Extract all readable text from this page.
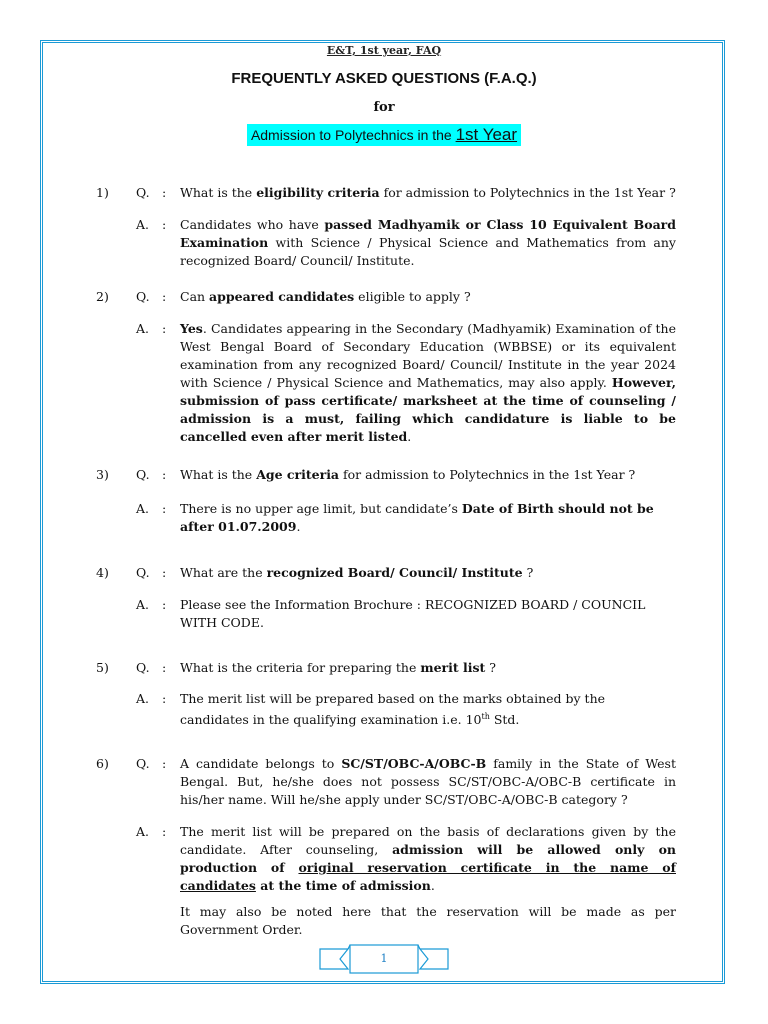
E&T, 1st year, FAQ
FREQUENTLY ASKED QUESTIONS (F.A.Q.)
for
Admission to Polytechnics in the 1st Year
1) Q. : What is the eligibility criteria for admission to Polytechnics in the 1st Year ?
A. : Candidates who have passed Madhyamik or Class 10 Equivalent Board Examination with Science / Physical Science and Mathematics from any recognized Board/ Council/ Institute.
2) Q. : Can appeared candidates eligible to apply ?
A. : Yes. Candidates appearing in the Secondary (Madhyamik) Examination of the West Bengal Board of Secondary Education (WBBSE) or its equivalent examination from any recognized Board/ Council/ Institute in the year 2024 with Science / Physical Science and Mathematics, may also apply. However, submission of pass certificate/ marksheet at the time of counseling / admission is a must, failing which candidature is liable to be cancelled even after merit listed.
3) Q. : What is the Age criteria for admission to Polytechnics in the 1st Year ?
A. : There is no upper age limit, but candidate’s Date of Birth should not be after 01.07.2009.
4) Q. : What are the recognized Board/ Council/ Institute ?
A. : Please see the Information Brochure : RECOGNIZED BOARD / COUNCIL WITH CODE.
5) Q. : What is the criteria for preparing the merit list ?
A. : The merit list will be prepared based on the marks obtained by the candidates in the qualifying examination i.e. 10th Std.
6) Q. : A candidate belongs to SC/ST/OBC-A/OBC-B family in the State of West Bengal. But, he/she does not possess SC/ST/OBC-A/OBC-B certificate in his/her name. Will he/she apply under SC/ST/OBC-A/OBC-B category ?
A. : The merit list will be prepared on the basis of declarations given by the candidate. After counseling, admission will be allowed only on production of original reservation certificate in the name of candidates at the time of admission.

It may also be noted here that the reservation will be made as per Government Order.

1
